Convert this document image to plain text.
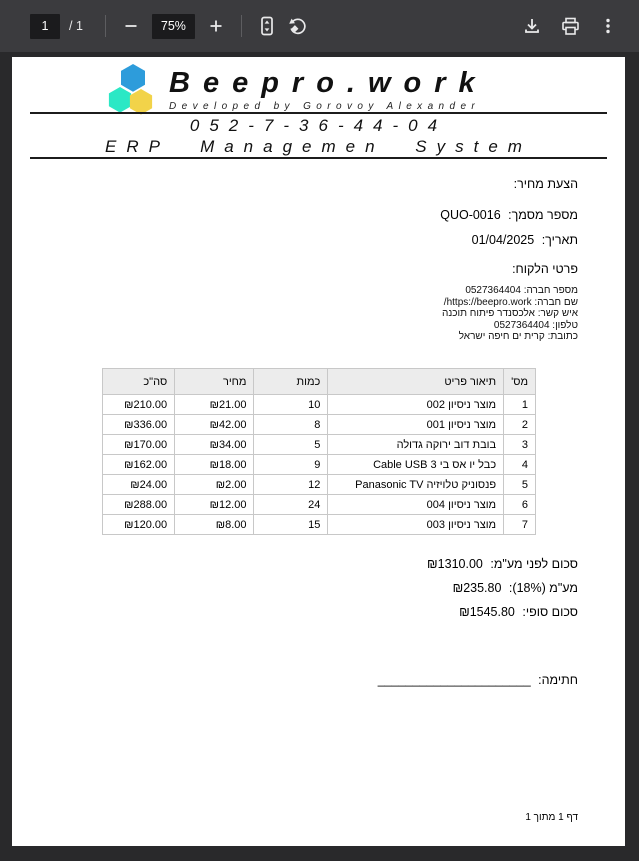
1
/ 1	75%
Beepro.work
Developed by Gorovoy Alexander
052-7-36-44-04
ERP Managemen System
הצעת מחיר:
מספר מסמך: QUO-0016
תאריך: 01/04/2025
פרטי הלקוח:
מספר חברה: 0527364404
שם חברה: https://beepro.work/
איש קשר: אלכסנדר פיתוח תוכנה
טלפון: 0527364404
כתובת: קרית ים חיפה ישראל
מס'	תיאור פריט	כמות	מחיר	סה"כ
1	מוצר ניסיון 002	10	₪21.00	₪210.00
2	מוצר ניסיון 001	8	₪42.00	₪336.00
3	בובת דוב ירוקה גדולה	5	₪34.00	₪170.00
4	כבל יו אס בי Cable USB 3	9	₪18.00	₪162.00
5	פנסוניק טלויזיה Panasonic TV	12	₪2.00	₪24.00
6	מוצר ניסיון 004	24	₪12.00	₪288.00
7	מוצר ניסיון 003	15	₪8.00	₪120.00
סכום לפני מע"מ: ₪1310.00
מע"מ (18%): ₪235.80
סכום סופי: ₪1545.80
חתימה: ______________________
דף 1 מתוך 1
